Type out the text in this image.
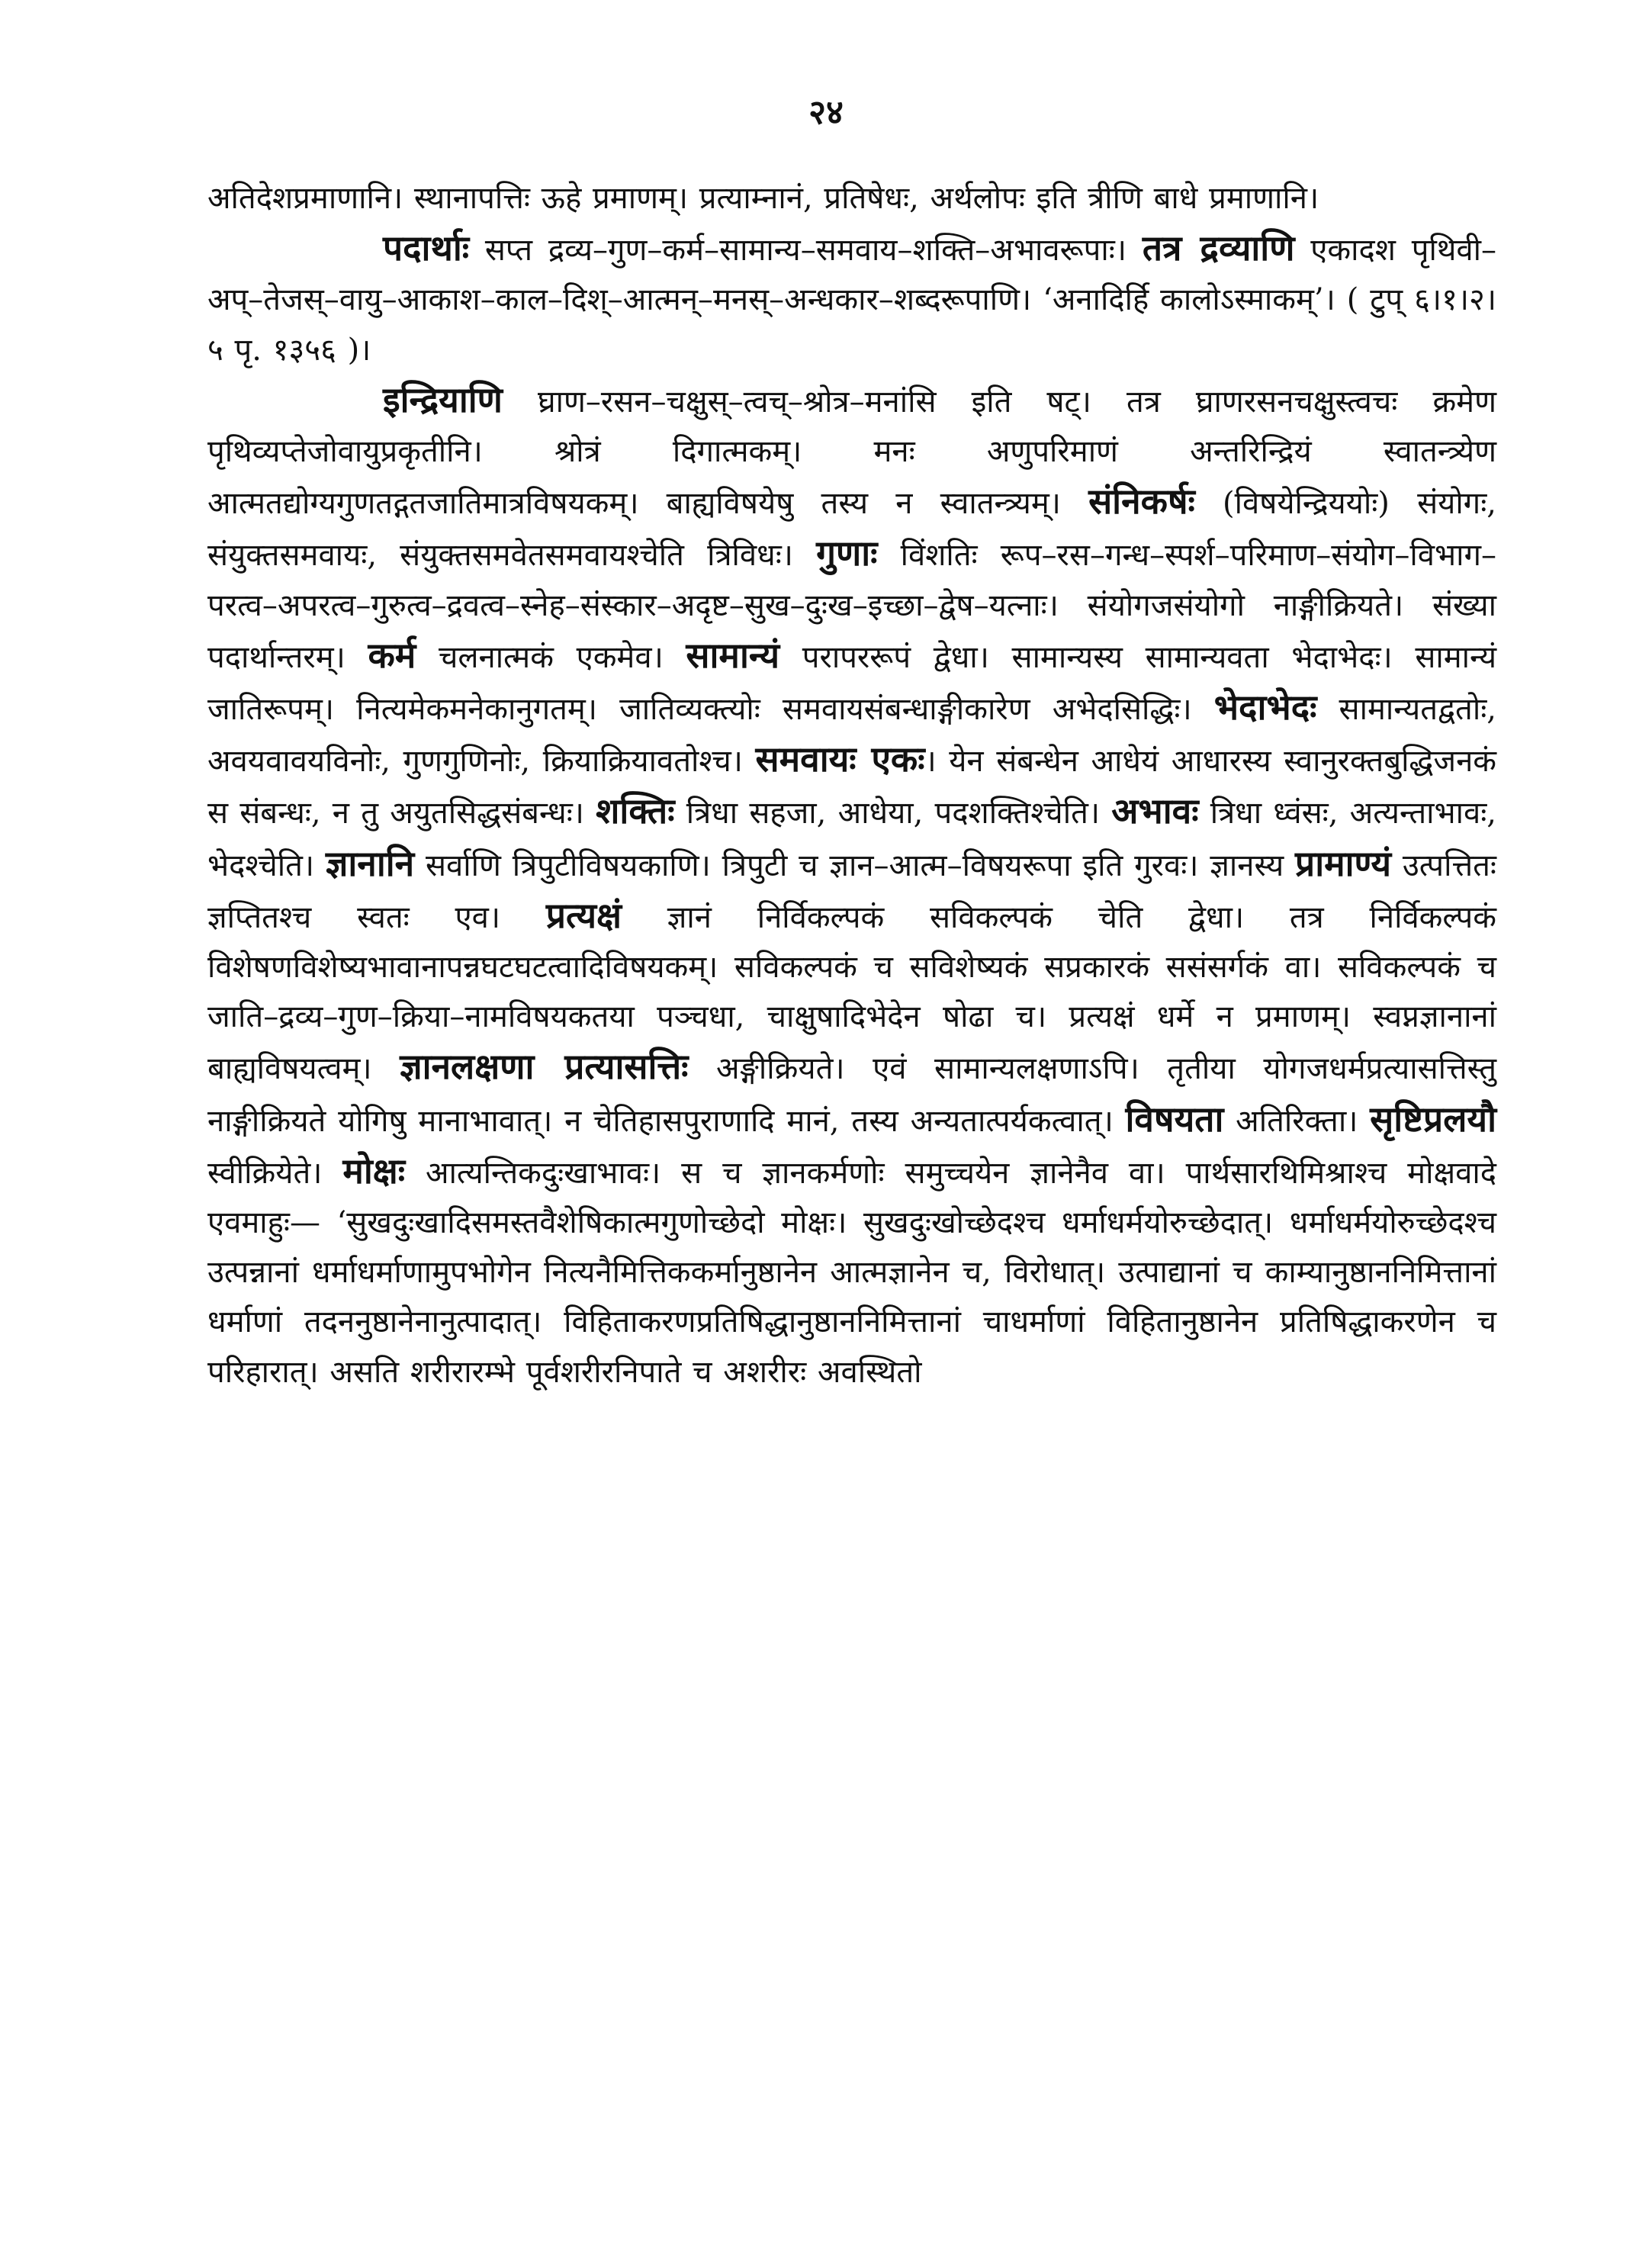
२४

अतिदेशप्रमाणानि। स्थानापत्तिः ऊहे प्रमाणम्। प्रत्याम्नानं, प्रतिषेधः, अर्थलोपः इति त्रीणि बाधे प्रमाणानि।

पदार्थाः सप्त द्रव्य–गुण–कर्म–सामान्य–समवाय–शक्ति–अभावरूपाः। तत्र द्रव्याणि एकादश पृथिवी–अप्–तेजस्–वायु–आकाश–काल–दिश्–आत्मन्–मनस्–अन्धकार–शब्दरूपाणि। ‘अनादिर्हि कालोऽस्माकम्’। ( टुप् ६।१।२।५ पृ. १३५६ )।

इन्द्रियाणि घ्राण–रसन–चक्षुस्–त्वच्–श्रोत्र–मनांसि इति षट्। तत्र घ्राणरसनचक्षुस्त्वचः क्रमेण पृथिव्यप्तेजोवायुप्रकृतीनि। श्रोत्रं दिगात्मकम्। मनः अणुपरिमाणं अन्तरिन्द्रियं स्वातन्त्र्येण आत्मतद्योग्यगुणतद्गतजातिमात्रविषयकम्। बाह्यविषयेषु तस्य न स्वातन्त्र्यम्। संनिकर्षः (विषयेन्द्रिययोः) संयोगः, संयुक्तसमवायः, संयुक्तसमवेतसमवायश्चेति त्रिविधः। गुणाः विंशतिः रूप–रस–गन्ध–स्पर्श–परिमाण–संयोग–विभाग–परत्व–अपरत्व–गुरुत्व–द्रवत्व–स्नेह–संस्कार–अदृष्ट–सुख–दुःख–इच्छा–द्वेष–यत्नाः। संयोगजसंयोगो नाङ्गीक्रियते। संख्या पदार्थान्तरम्। कर्म चलनात्मकं एकमेव। सामान्यं परापररूपं द्वेधा। सामान्यस्य सामान्यवता भेदाभेदः। सामान्यं जातिरूपम्। नित्यमेकमनेकानुगतम्। जातिव्यक्त्योः समवायसंबन्धाङ्गीकारेण अभेदसिद्धिः। भेदाभेदः सामान्यतद्वतोः, अवयवावयविनोः, गुणगुणिनोः, क्रियाक्रियावतोश्च। समवायः एकः। येन संबन्धेन आधेयं आधारस्य स्वानुरक्तबुद्धिजनकं स संबन्धः, न तु अयुतसिद्धसंबन्धः। शक्तिः त्रिधा सहजा, आधेया, पदशक्तिश्चेति। अभावः त्रिधा ध्वंसः, अत्यन्ताभावः, भेदश्चेति। ज्ञानानि सर्वाणि त्रिपुटीविषयकाणि। त्रिपुटी च ज्ञान–आत्म–विषयरूपा इति गुरवः। ज्ञानस्य प्रामाण्यं उत्पत्तितः ज्ञप्तितश्च स्वतः एव। प्रत्यक्षं ज्ञानं निर्विकल्पकं सविकल्पकं चेति द्वेधा। तत्र निर्विकल्पकं विशेषणविशेष्यभावानापन्नघटघटत्वादिविषयकम्। सविकल्पकं च सविशेष्यकं सप्रकारकं ससंसर्गकं वा। सविकल्पकं च जाति–द्रव्य–गुण–क्रिया–नामविषयकतया पञ्चधा, चाक्षुषादिभेदेन षोढा च। प्रत्यक्षं धर्मे न प्रमाणम्। स्वप्नज्ञानानां बाह्यविषयत्वम्। ज्ञानलक्षणा प्रत्यासत्तिः अङ्गीक्रियते। एवं सामान्यलक्षणाऽपि। तृतीया योगजधर्मप्रत्यासत्तिस्तु नाङ्गीक्रियते योगिषु मानाभावात्। न चेतिहासपुराणादि मानं, तस्य अन्यतात्पर्यकत्वात्। विषयता अतिरिक्ता। सृष्टिप्रलयौ स्वीक्रियेते। मोक्षः आत्यन्तिकदुःखाभावः। स च ज्ञानकर्मणोः समुच्चयेन ज्ञानेनैव वा। पार्थसारथिमिश्राश्च मोक्षवादे एवमाहुः— ‘सुखदुःखादिसमस्तवैशेषिकात्मगुणोच्छेदो मोक्षः। सुखदुःखोच्छेदश्च धर्माधर्मयोरुच्छेदात्। धर्माधर्मयोरुच्छेदश्च उत्पन्नानां धर्माधर्माणामुपभोगेन नित्यनैमित्तिककर्मानुष्ठानेन आत्मज्ञानेन च, विरोधात्। उत्पाद्यानां च काम्यानुष्ठाननिमित्तानां धर्माणां तदननुष्ठानेनानुत्पादात्। विहिताकरणप्रतिषिद्धानुष्ठाननिमित्तानां चाधर्माणां विहितानुष्ठानेन प्रतिषिद्धाकरणेन च परिहारात्। असति शरीरारम्भे पूर्वशरीरनिपाते च अशरीरः अवस्थितो
